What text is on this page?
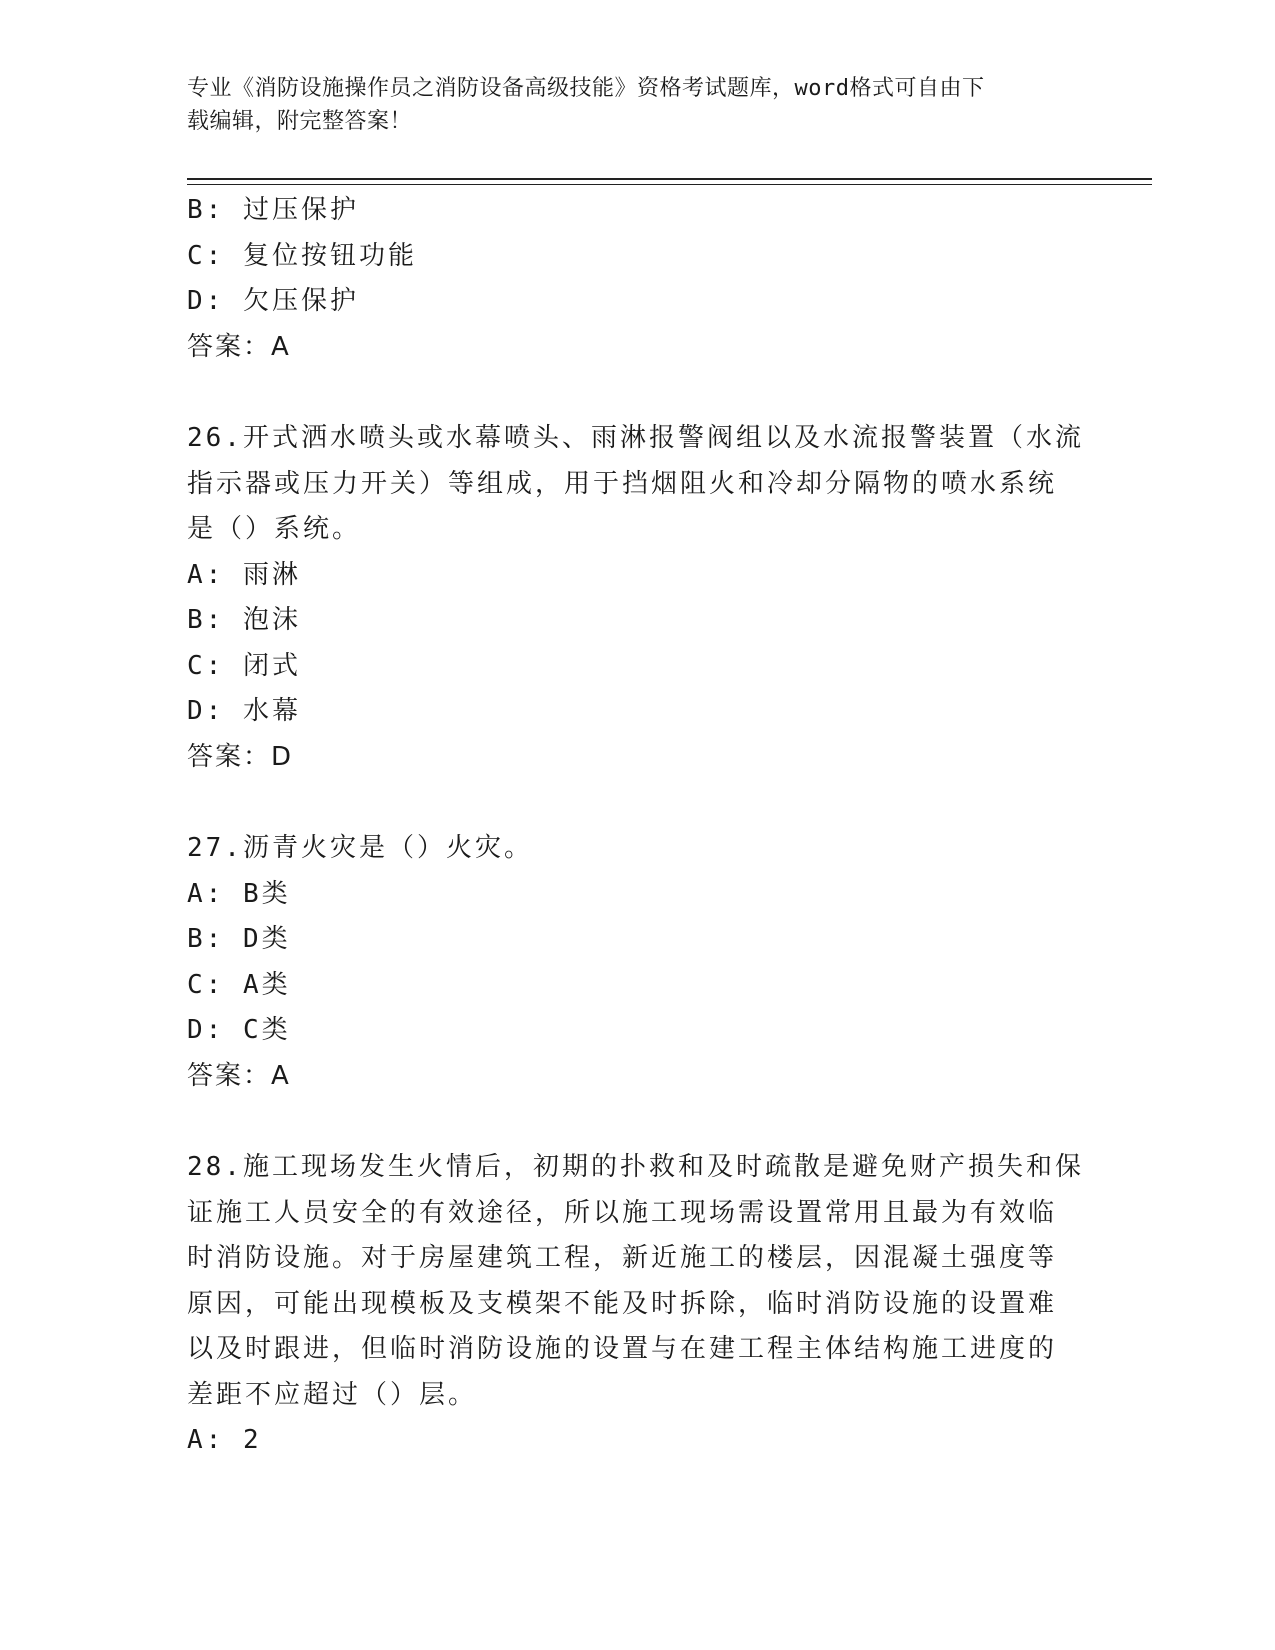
专业《消防设施操作员之消防设备高级技能》资格考试题库，word格式可自由下
载编辑，附完整答案！
B: 过压保护
C: 复位按钮功能
D: 欠压保护
答案：A
26.开式洒水喷头或水幕喷头、雨淋报警阀组以及水流报警装置（水流
指示器或压力开关）等组成，用于挡烟阻火和冷却分隔物的喷水系统
是（）系统。
A: 雨淋
B: 泡沫
C: 闭式
D: 水幕
答案：D
27.沥青火灾是（）火灾。
A: B类
B: D类
C: A类
D: C类
答案：A
28.施工现场发生火情后，初期的扑救和及时疏散是避免财产损失和保
证施工人员安全的有效途径，所以施工现场需设置常用且最为有效临
时消防设施。对于房屋建筑工程，新近施工的楼层，因混凝土强度等
原因，可能出现模板及支模架不能及时拆除，临时消防设施的设置难
以及时跟进，但临时消防设施的设置与在建工程主体结构施工进度的
差距不应超过（）层。
A: 2
